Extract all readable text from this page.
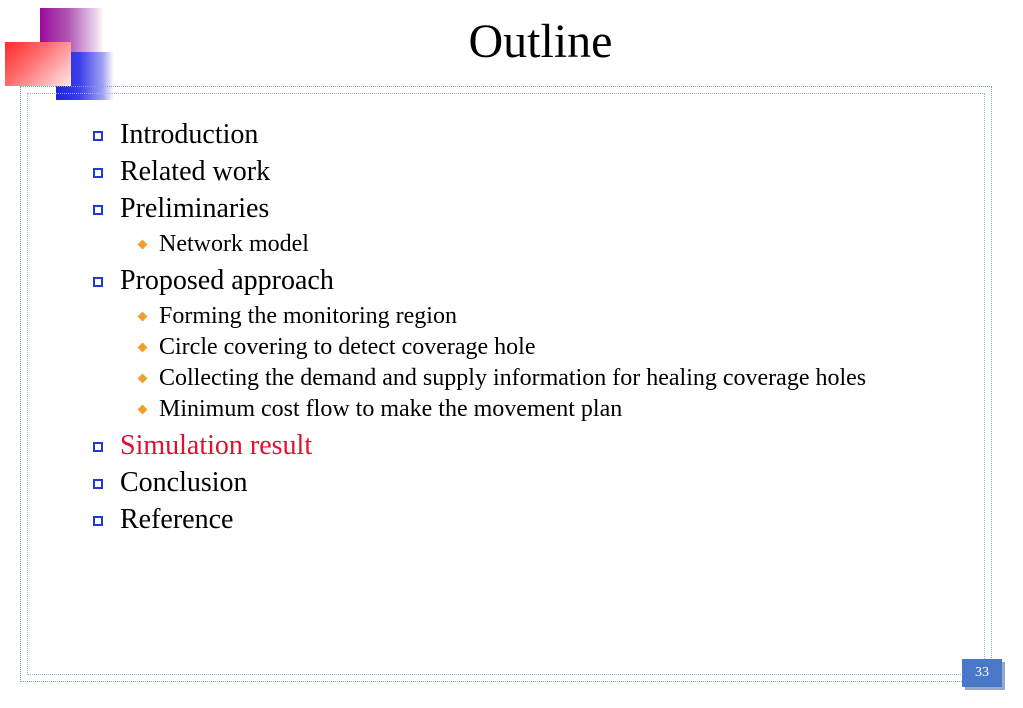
Outline
Introduction
Related work
Preliminaries
Network model
Proposed approach
Forming the monitoring region
Circle covering to detect coverage hole
Collecting the demand and supply information for healing coverage holes
Minimum cost flow to make the movement plan
Simulation result
Conclusion
Reference
33
